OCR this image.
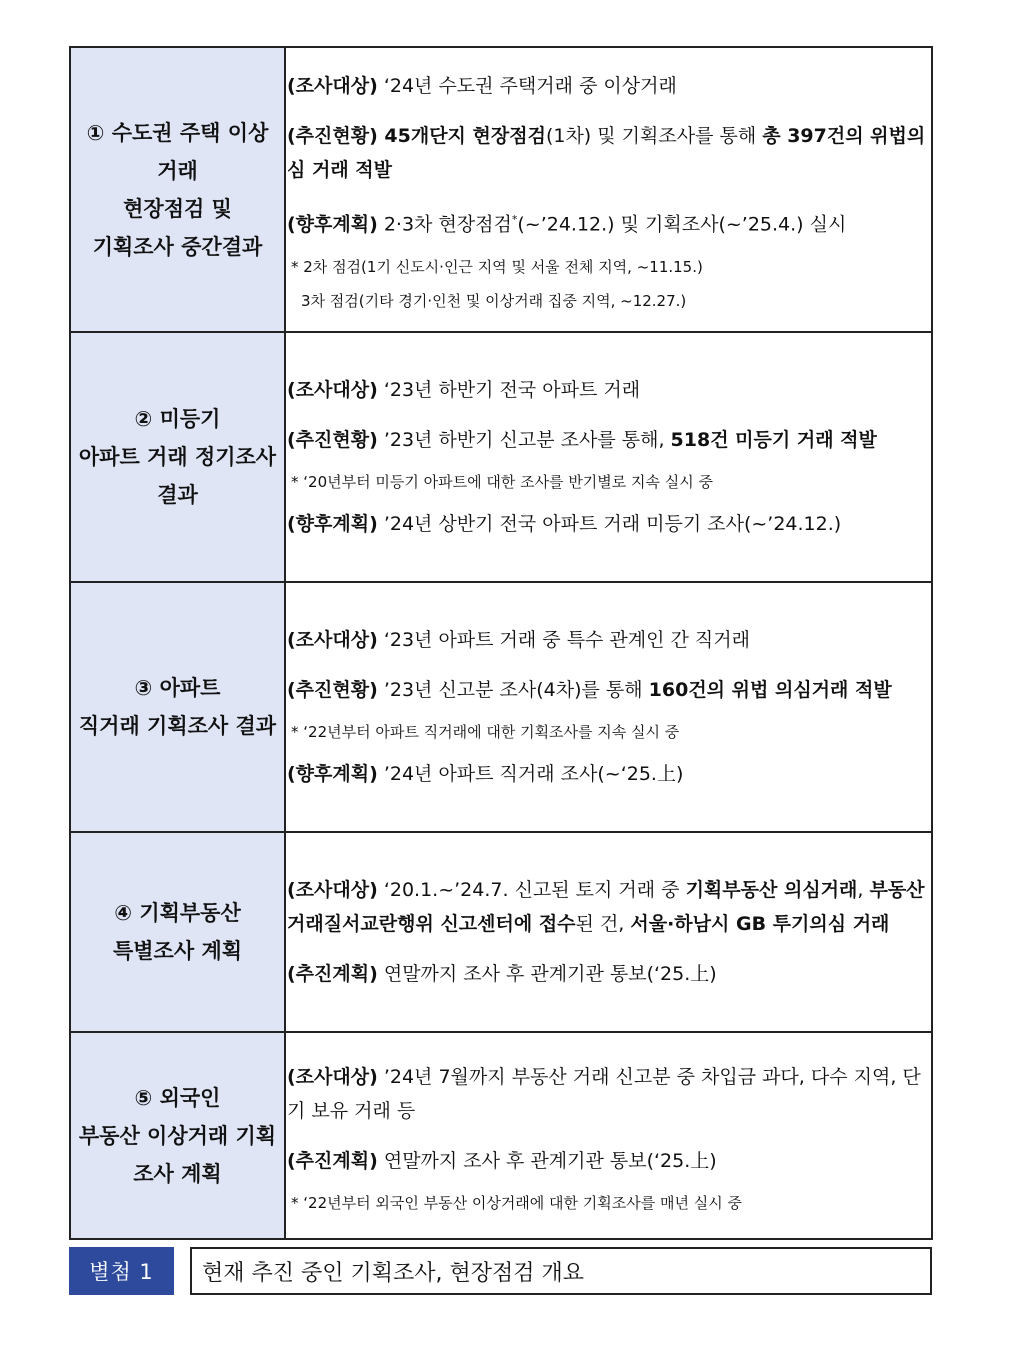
① 수도권 주택 이상
거래
현장점검 및
기획조사 중간결과
(조사대상) ‘24년 수도권 주택거래 중 이상거래
(추진현황) 45개단지 현장점검(1차) 및 기획조사를 통해 총 397건의 위법의심 거래 적발
(향후계획) 2·3차 현장점검*(~’24.12.) 및 기획조사(~’25.4.) 실시
* 2차 점검(1기 신도시·인근 지역 및 서울 전체 지역, ~11.15.)
3차 점검(기타 경기·인천 및 이상거래 집중 지역, ~12.27.)
② 미등기
아파트 거래 정기조사
결과
(조사대상) ‘23년 하반기 전국 아파트 거래
(추진현황) ’23년 하반기 신고분 조사를 통해, 518건 미등기 거래 적발
* ‘20년부터 미등기 아파트에 대한 조사를 반기별로 지속 실시 중
(향후계획) ’24년 상반기 전국 아파트 거래 미등기 조사(~’24.12.)
③ 아파트
직거래 기획조사 결과
(조사대상) ‘23년 아파트 거래 중 특수 관계인 간 직거래
(추진현황) ’23년 신고분 조사(4차)를 통해 160건의 위법 의심거래 적발
* ‘22년부터 아파트 직거래에 대한 기획조사를 지속 실시 중
(향후계획) ’24년 아파트 직거래 조사(~‘25.上)
④ 기획부동산
특별조사 계획
(조사대상) ‘20.1.~’24.7. 신고된 토지 거래 중 기획부동산 의심거래, 부동산거래질서교란행위 신고센터에 접수된 건, 서울·하남시 GB 투기의심 거래
(추진계획) 연말까지 조사 후 관계기관 통보(‘25.上)
⑤ 외국인
부동산 이상거래 기획
조사 계획
(조사대상) ’24년 7월까지 부동산 거래 신고분 중 차입금 과다, 다수 지역, 단기 보유 거래 등
(추진계획) 연말까지 조사 후 관계기관 통보(‘25.上)
* ‘22년부터 외국인 부동산 이상거래에 대한 기획조사를 매년 실시 중
별첨 1	현재 추진 중인 기획조사, 현장점검 개요
